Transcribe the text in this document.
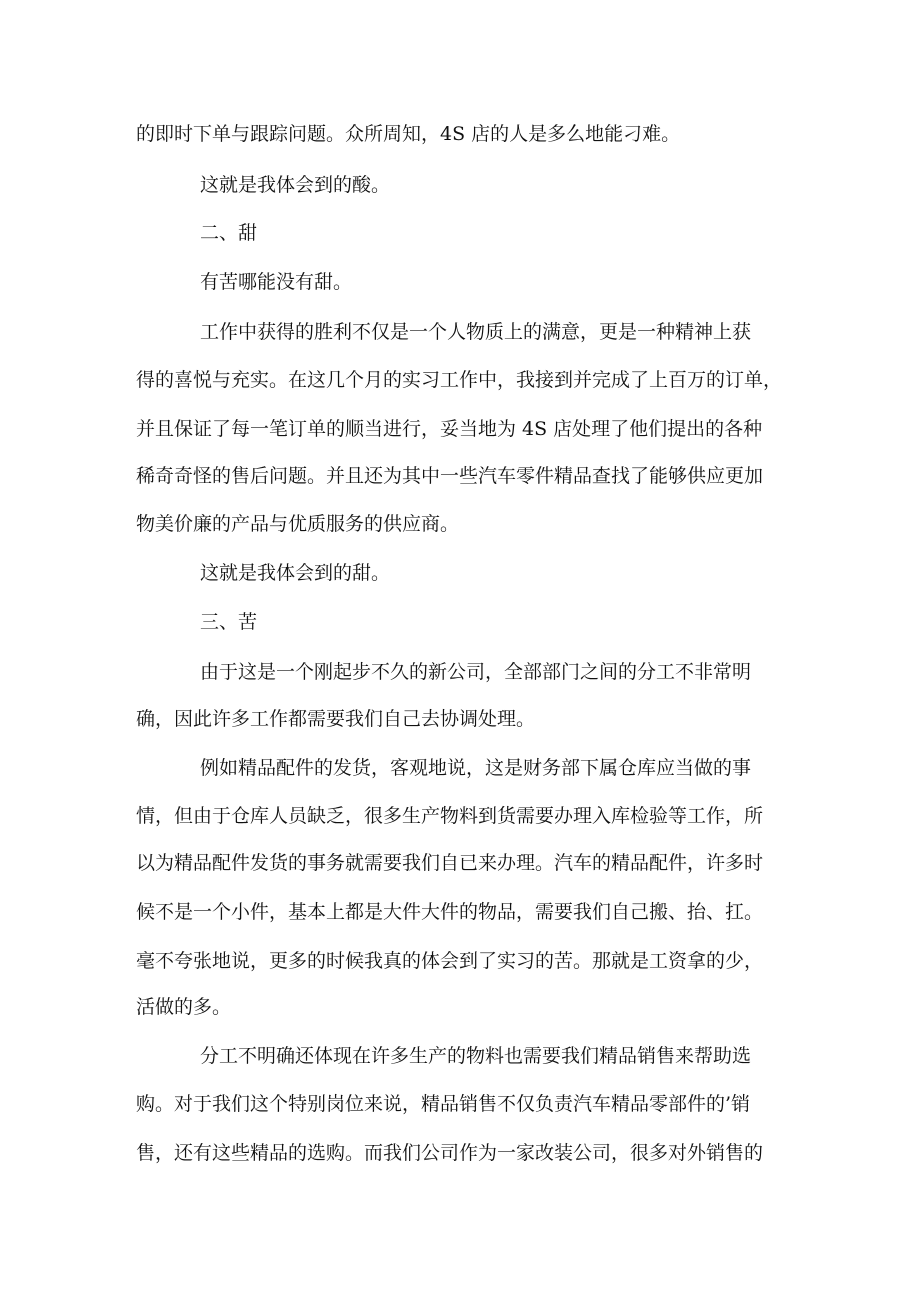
的即时下单与跟踪问题。众所周知，4S 店的人是多么地能刁难。

这就是我体会到的酸。

二、甜

有苦哪能没有甜。

工作中获得的胜利不仅是一个人物质上的满意，更是一种精神上获

得的喜悦与充实。在这几个月的实习工作中，我接到并完成了上百万的订单，

并且保证了每一笔订单的顺当进行，妥当地为 4S 店处理了他们提出的各种

稀奇奇怪的售后问题。并且还为其中一些汽车零件精品查找了能够供应更加

物美价廉的产品与优质服务的供应商。

这就是我体会到的甜。

三、苦

由于这是一个刚起步不久的新公司，全部部门之间的分工不非常明

确，因此许多工作都需要我们自己去协调处理。

例如精品配件的发货，客观地说，这是财务部下属仓库应当做的事

情，但由于仓库人员缺乏，很多生产物料到货需要办理入库检验等工作，所

以为精品配件发货的事务就需要我们自已来办理。汽车的精品配件，许多时

候不是一个小件，基本上都是大件大件的物品，需要我们自己搬、抬、扛。

毫不夸张地说，更多的时候我真的体会到了实习的苦。那就是工资拿的少，

活做的多。

分工不明确还体现在许多生产的物料也需要我们精品销售来帮助选

购。对于我们这个特别岗位来说，精品销售不仅负责汽车精品零部件的’销

售，还有这些精品的选购。而我们公司作为一家改装公司，很多对外销售的
